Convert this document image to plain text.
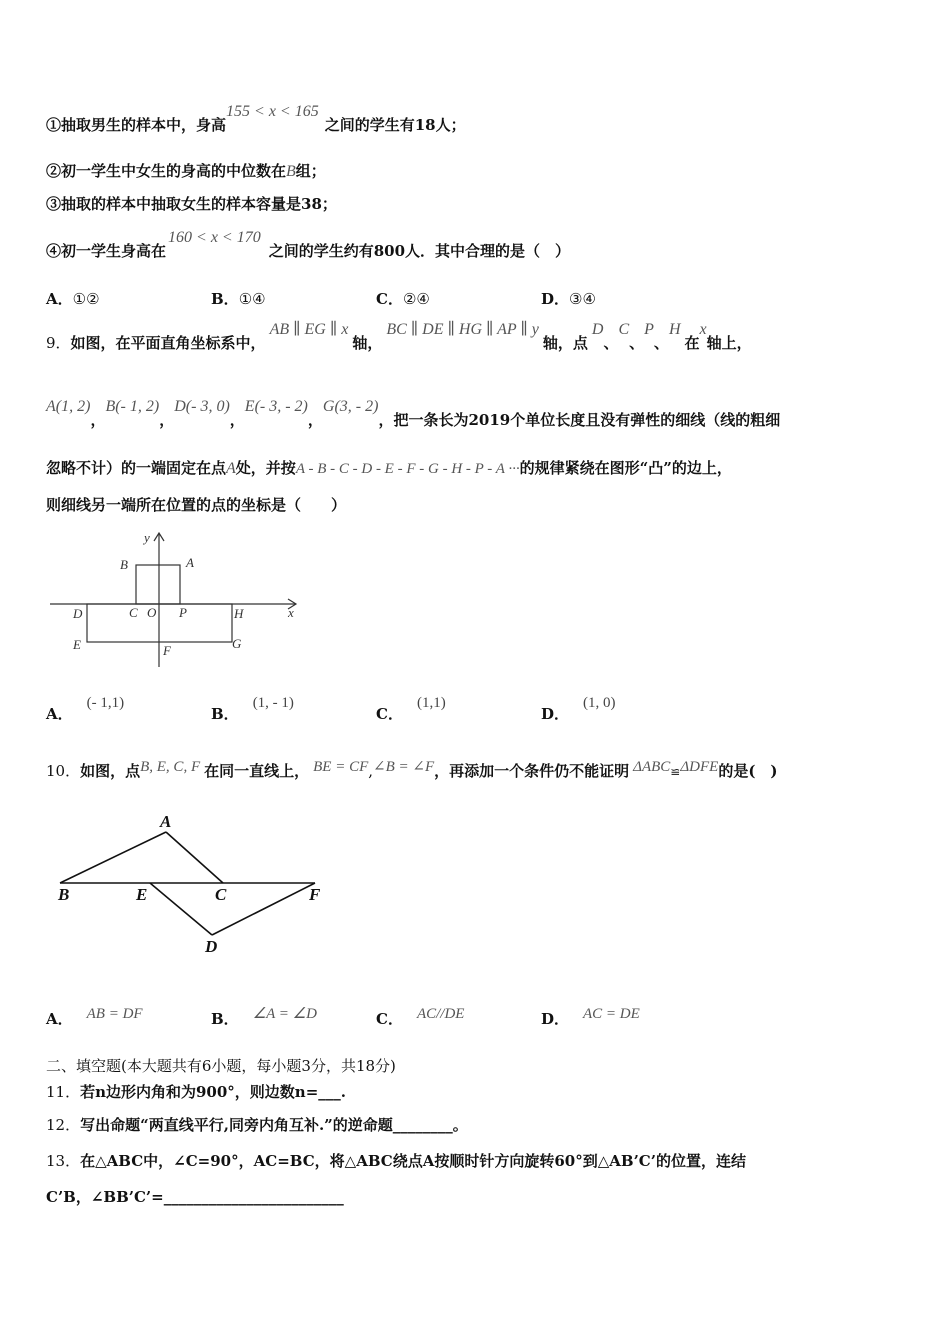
①抽取男生的样本中，身高155 < x < 165之间的学生有18人；
②初一学生中女生的身高的中位数在B组；
③抽取的样本中抽取女生的样本容量是38；
④初一学生身高在160 < x < 170之间的学生约有800人．其中合理的是（　）
A．①②	B．①④	C．②④	D．③④
9．如图，在平面直角坐标系中，AB ∥ EG ∥ x轴，BC ∥ DE ∥ HG ∥ AP ∥ y轴，点D、C、P、H在x轴上，
A(1, 2)，B(- 1, 2)，D(- 3, 0)，E(- 3, - 2)，G(3, - 2)，把一条长为2019个单位长度且没有弹性的细线（线的粗细
忽略不计）的一端固定在点A处，并按A - B - C - D - E - F - G - H - P - A ···的规律紧绕在图形“凸”的边上，
则细线另一端所在位置的点的坐标是（　　）
y
x
B	A
C O P
D	H
E	G
F
A．(- 1,1)
B．(1, - 1)
C．(1,1)
D．(1, 0)
10．如图，点B, E, C, F 在同一直线上， BE = CF,∠B = ∠F，再添加一个条件仍不能证明 ΔABC≌ΔDFE的是(　)
A
B	E	C	F
D
A． AB = DF	B． ∠A = ∠D	C． AC//DE	D． AC = DE
二、填空题(本大题共有6小题，每小题3分，共18分)
11．若n边形内角和为900°，则边数n=___.
12．写出命题“两直线平行,同旁内角互补.”的逆命题________。
13．在△ABC中，∠C=90°，AC=BC，将△ABC绕点A按顺时针方向旋转60°到△AB’C’的位置，连结
C’B，∠BB’C’=________________________
